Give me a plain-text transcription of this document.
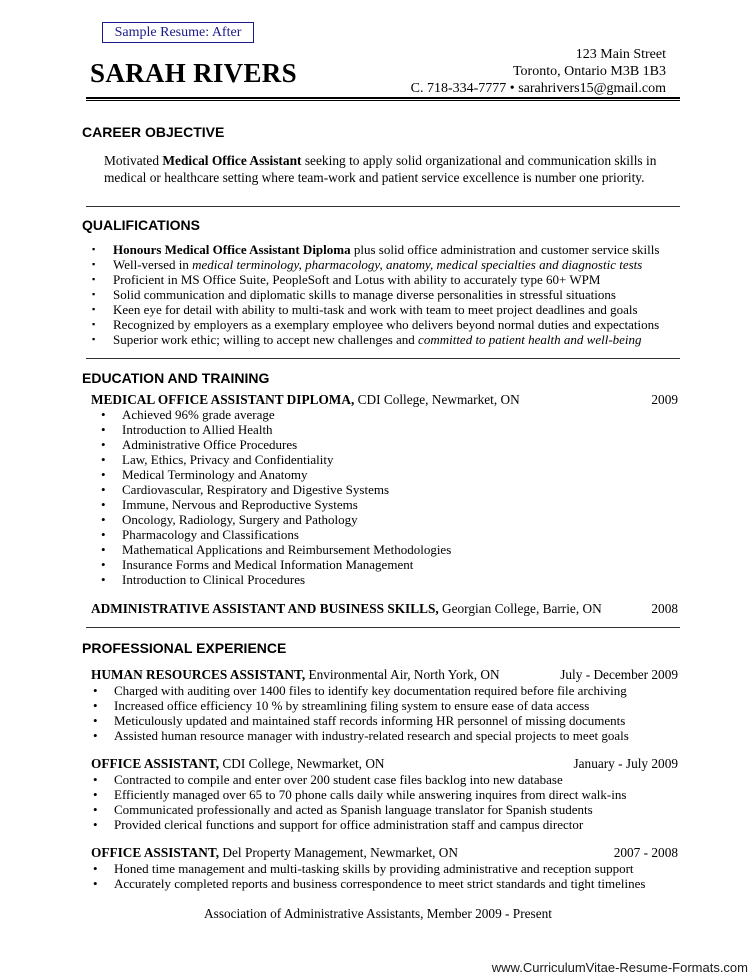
Sample Resume: After
SARAH RIVERS
123 Main Street
Toronto, Ontario M3B 1B3
C. 718-334-7777 • sarahrivers15@gmail.com
CAREER OBJECTIVE
Motivated Medical Office Assistant seeking to apply solid organizational and communication skills in
medical or healthcare setting where team-work and patient service excellence is number one priority.
QUALIFICATIONS
▪ Honours Medical Office Assistant Diploma plus solid office administration and customer service skills
▪ Well-versed in medical terminology, pharmacology, anatomy, medical specialties and diagnostic tests
▪ Proficient in MS Office Suite, PeopleSoft and Lotus with ability to accurately type 60+ WPM
▪ Solid communication and diplomatic skills to manage diverse personalities in stressful situations
▪ Keen eye for detail with ability to multi-task and work with team to meet project deadlines and goals
▪ Recognized by employers as a exemplary employee who delivers beyond normal duties and expectations
▪ Superior work ethic; willing to accept new challenges and committed to patient health and well-being
EDUCATION AND TRAINING
MEDICAL OFFICE ASSISTANT DIPLOMA, CDI College, Newmarket, ON	2009
• Achieved 96% grade average
• Introduction to Allied Health
• Administrative Office Procedures
• Law, Ethics, Privacy and Confidentiality
• Medical Terminology and Anatomy
• Cardiovascular, Respiratory and Digestive Systems
• Immune, Nervous and Reproductive Systems
• Oncology, Radiology, Surgery and Pathology
• Pharmacology and Classifications
• Mathematical Applications and Reimbursement Methodologies
• Insurance Forms and Medical Information Management
• Introduction to Clinical Procedures
ADMINISTRATIVE ASSISTANT AND BUSINESS SKILLS, Georgian College, Barrie, ON	2008
PROFESSIONAL EXPERIENCE
HUMAN RESOURCES ASSISTANT, Environmental Air, North York, ON	July - December 2009
• Charged with auditing over 1400 files to identify key documentation required before file archiving
• Increased office efficiency 10 % by streamlining filing system to ensure ease of data access
• Meticulously updated and maintained staff records informing HR personnel of missing documents
• Assisted human resource manager with industry-related research and special projects to meet goals
OFFICE ASSISTANT, CDI College, Newmarket, ON	January - July 2009
• Contracted to compile and enter over 200 student case files backlog into new database
• Efficiently managed over 65 to 70 phone calls daily while answering inquires from direct walk-ins
• Communicated professionally and acted as Spanish language translator for Spanish students
• Provided clerical functions and support for office administration staff and campus director
OFFICE ASSISTANT, Del Property Management, Newmarket, ON	2007 - 2008
• Honed time management and multi-tasking skills by providing administrative and reception support
• Accurately completed reports and business correspondence to meet strict standards and tight timelines
Association of Administrative Assistants, Member 2009 - Present
www.CurriculumVitae-Resume-Formats.com
